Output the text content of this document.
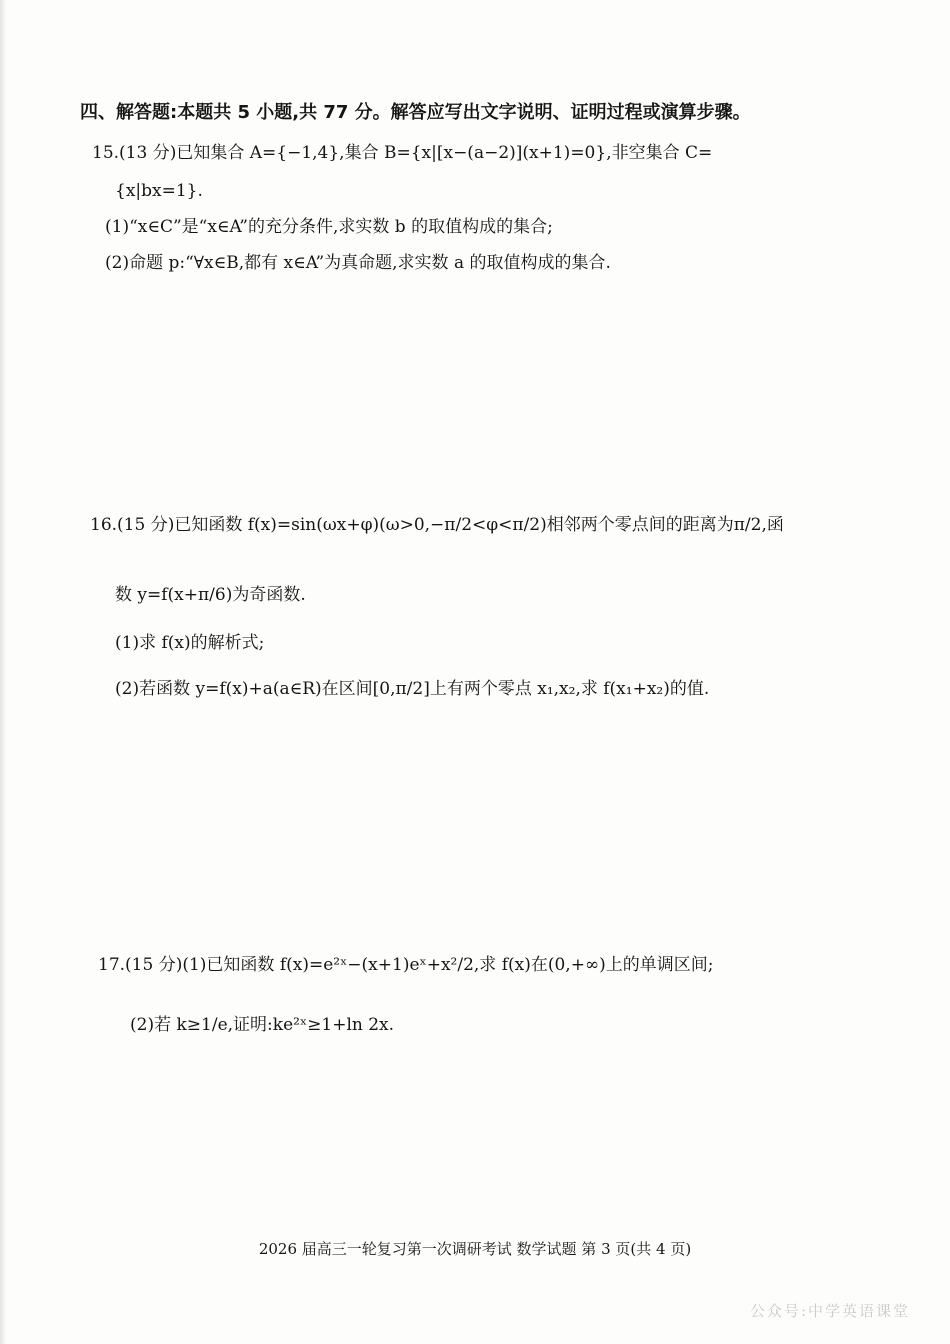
四、解答题:本题共 5 小题,共 77 分。解答应写出文字说明、证明过程或演算步骤。
15.(13 分)已知集合 A={−1,4},集合 B={x|[x−(a−2)](x+1)=0},非空集合 C=
{x|bx=1}.
(1)“x∈C”是“x∈A”的充分条件,求实数 b 的取值构成的集合;
(2)命题 p:“∀x∈B,都有 x∈A”为真命题,求实数 a 的取值构成的集合.
16.(15 分)已知函数 f(x)=sin(ωx+φ)(ω>0,−π/2<φ<π/2)相邻两个零点间的距离为π/2,函
数 y=f(x+π/6)为奇函数.
(1)求 f(x)的解析式;
(2)若函数 y=f(x)+a(a∈R)在区间[0,π/2]上有两个零点 x₁,x₂,求 f(x₁+x₂)的值.
17.(15 分)(1)已知函数 f(x)=e²ˣ−(x+1)eˣ+x²/2,求 f(x)在(0,+∞)上的单调区间;
(2)若 k≥1/e,证明:ke²ˣ≥1+ln 2x.
2026 届高三一轮复习第一次调研考试 数学试题 第 3 页(共 4 页)
公众号:中学英语课堂
